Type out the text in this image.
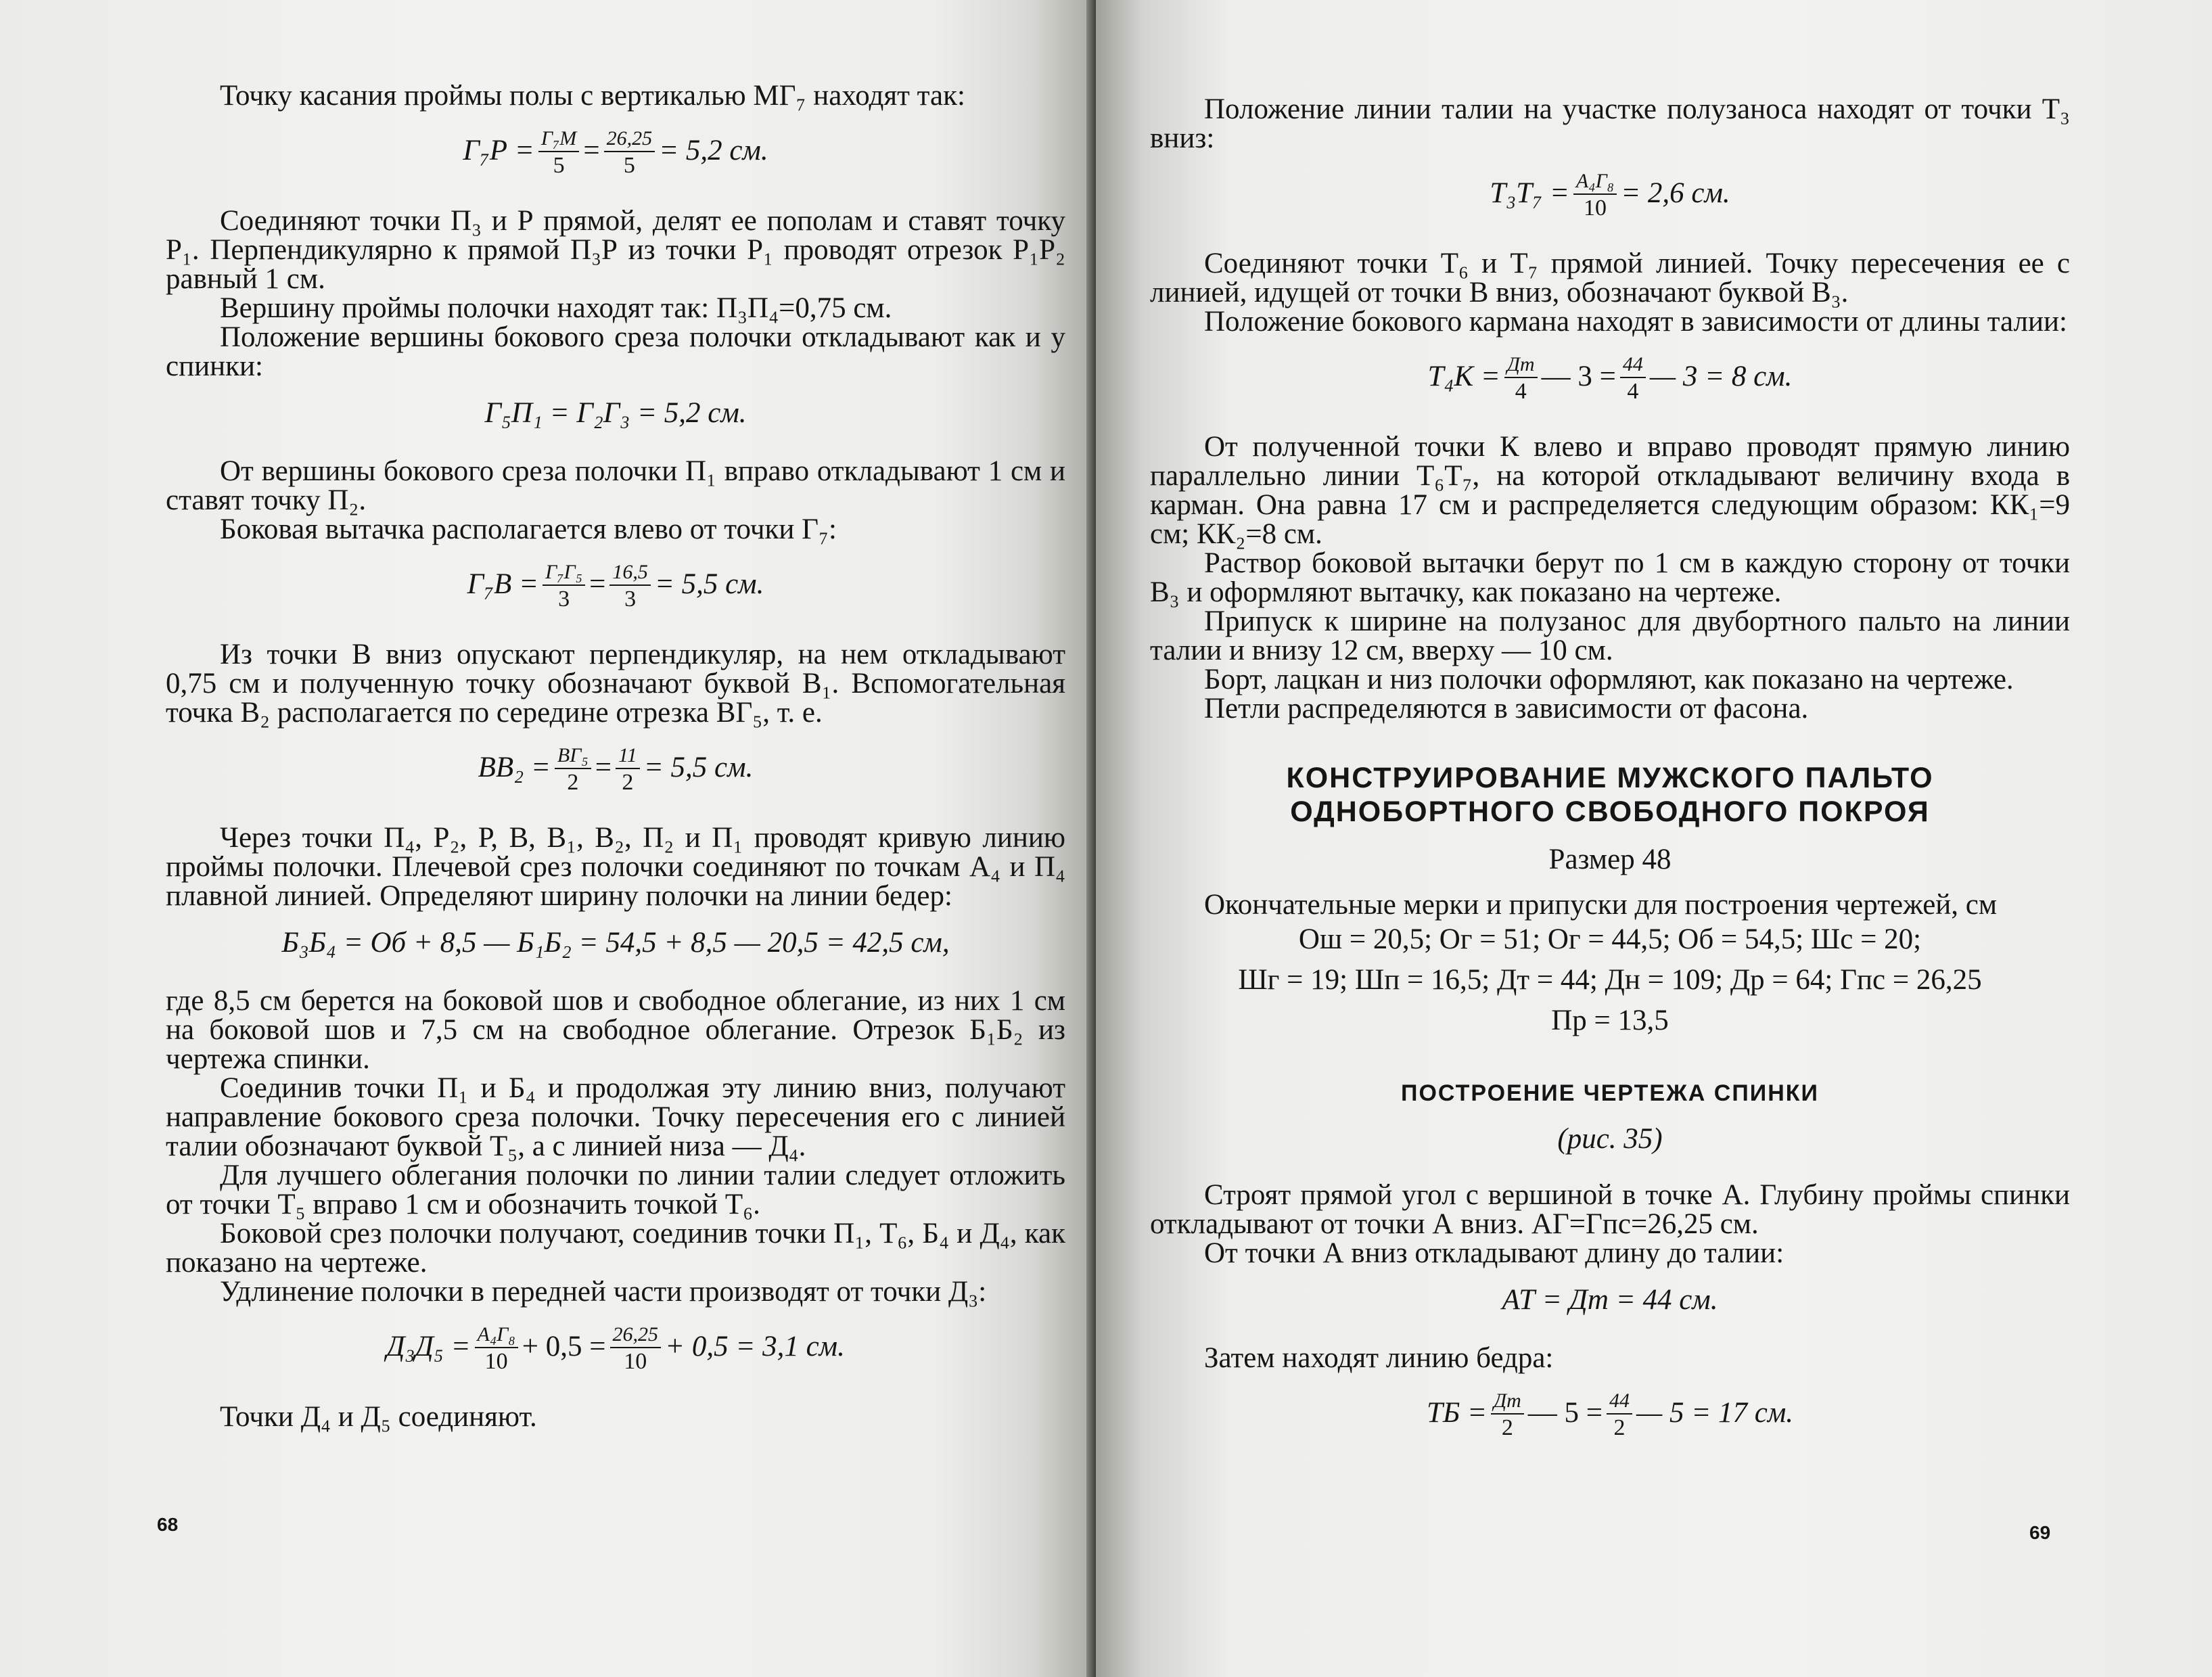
Точку касания проймы полы с вертикалью МГ₇ находят так:

$Г_7Р = \frac{\text{Г₇М}}{5} = \frac{26,25}{5} = 5,2$ см.

Соединяют точки П₃ и Р прямой, делят ее пополам и ставят точку Р₁. Перпендикулярно к прямой П₃Р из точки Р₁ проводят отрезок Р₁Р₂ равный 1 см.

Вершину проймы полочки находят так: П₃П₄=0,75 см.

Положение вершины бокового среза полочки откладывают как и у спинки:

Г₅П₁ = Г₂Г₃ = 5,2 см.

От вершины бокового среза полочки П₁ вправо откладывают 1 см и ставят точку П₂.

Боковая вытачка располагается влево от точки Г₇:

$Г_7В = \frac{\text{Г₇Г₅}}{3} = \frac{16,5}{3} = 5,5$ см.

Из точки В вниз опускают перпендикуляр, на нем откладывают 0,75 см и полученную точку обозначают буквой В₁. Вспомогательная точка В₂ располагается по середине отрезка ВГ₅, т. е.

$ВВ_2 = \frac{\text{ВГ₅}}{2} = \frac{11}{2} = 5,5$ см.

Через точки П₄, Р₂, Р, В, В₁, В₂, П₂ и П₁ проводят кривую линию проймы полочки. Плечевой срез полочки соединяют по точкам А₄ и П₄ плавной линией. Определяют ширину полочки на линии бедер:

Б₃Б₄ = Об + 8,5 — Б₁Б₂ = 54,5 + 8,5 — 20,5 = 42,5 см,

где 8,5 см берется на боковой шов и свободное облегание, из них 1 см на боковой шов и 7,5 см на свободное облегание. Отрезок Б₁Б₂ из чертежа спинки.

Соединив точки П₁ и Б₄ и продолжая эту линию вниз, получают направление бокового среза полочки. Точку пересечения его с линией талии обозначают буквой Т₅, а с линией низа — Д₄.

Для лучшего облегания полочки по линии талии следует отложить от точки Т₅ вправо 1 см и обозначить точкой Т₆.

Боковой срез полочки получают, соединив точки П₁, Т₆, Б₄ и Д₄, как показано на чертеже.

Удлинение полочки в передней части производят от точки Д₃:

$Д_3Д_5 = \frac{\text{А₄Г₈}}{10} + 0,5 = \frac{26,25}{10} + 0,5 = 3,1$ см.

Точки Д₄ и Д₅ соединяют.

68

Положение линии талии на участке полузаноса находят от точки Т₃ вниз:

$Т_3Т_7 = \frac{\text{А₄Г₈}}{10} = 2,6$ см.

Соединяют точки Т₆ и Т₇ прямой линией. Точку пересечения ее с линией, идущей от точки В вниз, обозначают буквой В₃.

Положение бокового кармана находят в зависимости от длины талии:

$Т_4К = \frac{Дт}{4}$ — $3 = \frac{44}{4}$ — 3 = 8 см.

От полученной точки К влево и вправо проводят прямую линию параллельно линии Т₆Т₇, на которой откладывают величину входа в карман. Она равна 17 см и распределяется следующим образом: КК₁=9 см; КК₂=8 см.

Раствор боковой вытачки берут по 1 см в каждую сторону от точки В₃ и оформляют вытачку, как показано на чертеже.

Припуск к ширине на полузанос для двубортного пальто на линии талии и внизу 12 см, вверху — 10 см.

Борт, лацкан и низ полочки оформляют, как показано на чертеже.

Петли распределяются в зависимости от фасона.

КОНСТРУИРОВАНИЕ МУЖСКОГО ПАЛЬТО

ОДНОБОРТНОГО СВОБОДНОГО ПОКРОЯ

Размер 48

Окончательные мерки и припуски для построения чертежей, см

Ош = 20,5; Ог = 51; Ог = 44,5; Об = 54,5; Шс = 20;

Шг = 19; Шп = 16,5; Дт = 44; Дн = 109; Др = 64; Гпс = 26,25

Пр = 13,5

ПОСТРОЕНИЕ ЧЕРТЕЖА СПИНКИ

(рис. 35)

Строят прямой угол с вершиной в точке А. Глубину проймы спинки откладывают от точки А вниз. АГ=Гпс=26,25 см.

От точки А вниз откладывают длину до талии:

АТ = Дт = 44 см.

Затем находят линию бедра:

ТБ = $\frac{Дт}{2}$ — $5 = \frac{44}{2}$ — 5 = 17 см.
69
